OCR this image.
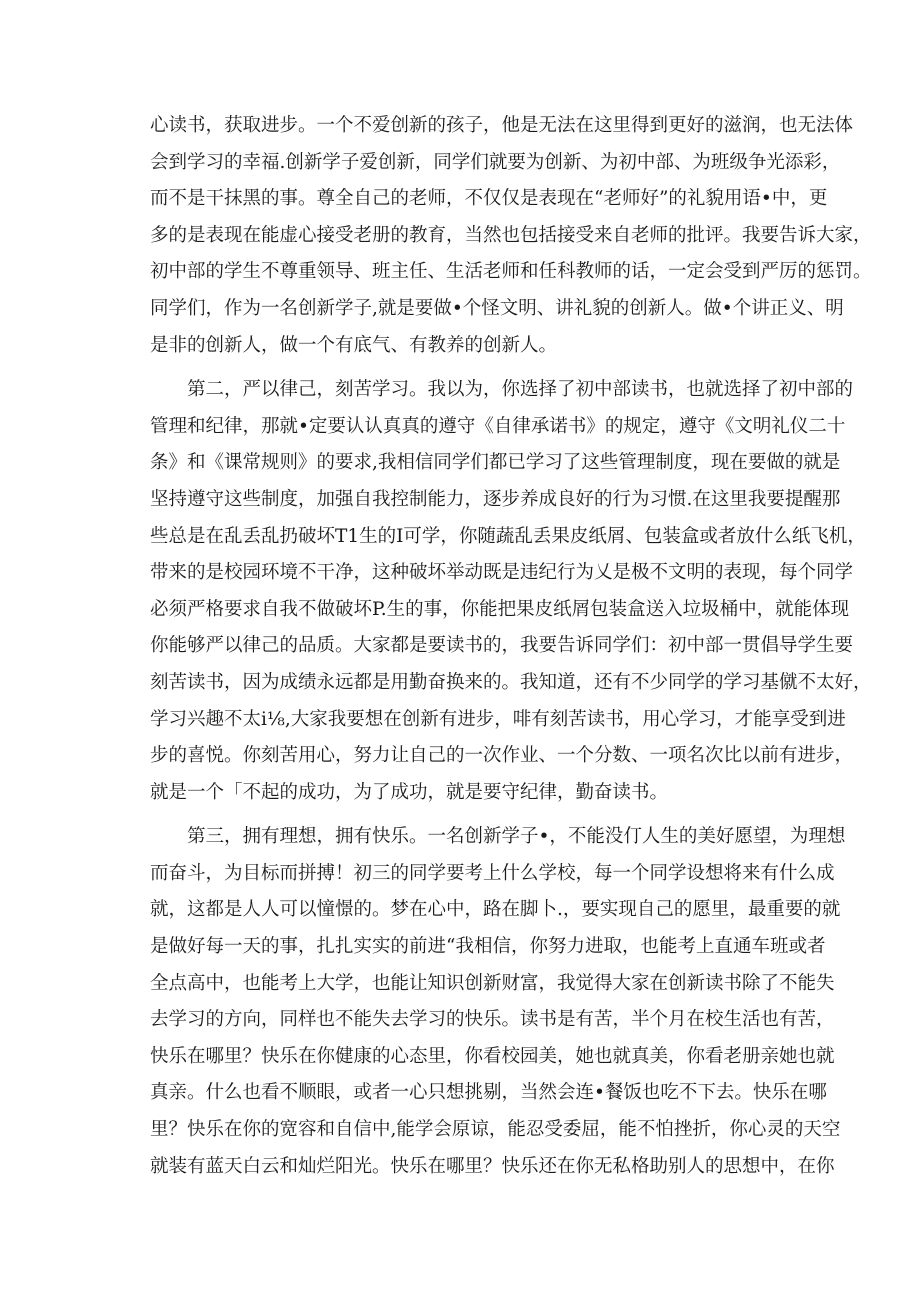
心读书，获取进步。一个不爱创新的孩子，他是无法在这里得到更好的滋润，也无法体
会到学习的幸福.创新学子爱创新，同学们就要为创新、为初中部、为班级争光添彩，
而不是干抹黑的事。尊全自己的老师，不仅仅是表现在“老师好”的礼貌用语•中，更
多的是表现在能虚心接受老册的教育，当然也包括接受来自老师的批评。我要告诉大家，
初中部的学生不尊重领导、班主任、生活老师和任科教师的话，一定会受到严厉的惩罚。
同学们，作为一名创新学子,就是要做•个怪文明、讲礼貌的创新人。做•个讲正义、明
是非的创新人，做一个有底气、有教养的创新人。
　　第二，严以律己，刻苦学习。我以为，你选择了初中部读书，也就选择了初中部的
管理和纪律，那就•定要认认真真的遵守《自律承诺书》的规定，遵守《文明礼仪二十
条》和《课常规则》的要求,我相信同学们都已学习了这些管理制度，现在要做的就是
坚持遵守这些制度，加强自我控制能力，逐步养成良好的行为习惯.在这里我要提醒那
些总是在乱丢乱扔破坏T1生的I可学，你随蔬乱丢果皮纸屑、包装盒或者放什么纸飞机，
带来的是校园环境不干净，这种破坏举动既是违纪行为乂是极不文明的表现，每个同学
必须严格要求自我不做破坏P.生的事，你能把果皮纸屑包装盒送入垃圾桶中，就能体现
你能够严以律己的品质。大家都是要读书的，我要告诉同学们：初中部一贯倡导学生要
刻苦读书，因为成绩永远都是用勤奋换来的。我知道，还有不少同学的学习基僦不太好，
学习兴趣不太i⅛,大家我要想在创新有进步，啡有刻苦读书，用心学习，才能享受到进
步的喜悦。你刻苦用心，努力让自己的一次作业、一个分数、一项名次比以前有进步，
就是一个「不起的成功，为了成功，就是要守纪律，勤奋读书。
　　第三，拥有理想，拥有快乐。一名创新学子•，不能没仃人生的美好愿望，为理想
而奋斗，为目标而拼搏！初三的同学要考上什么学校，每一个同学设想将来有什么成
就，这都是人人可以憧憬的。梦在心中，路在脚卜.，要实现自己的愿里，最重要的就
是做好每一天的事，扎扎实实的前进“我相信，你努力进取，也能考上直通车班或者
全点高中，也能考上大学，也能让知识创新财富，我觉得大家在创新读书除了不能失
去学习的方向，同样也不能失去学习的快乐。读书是有苦，半个月在校生活也有苦，
快乐在哪里？快乐在你健康的心态里，你看校园美，她也就真美，你看老册亲她也就
真亲。什么也看不顺眼，或者一心只想挑剔，当然会连•餐饭也吃不下去。快乐在哪
里？快乐在你的宽容和自信中,能学会原谅，能忍受委屈，能不怕挫折，你心灵的天空
就装有蓝天白云和灿烂阳光。快乐在哪里？快乐还在你无私格助别人的思想中，在你
